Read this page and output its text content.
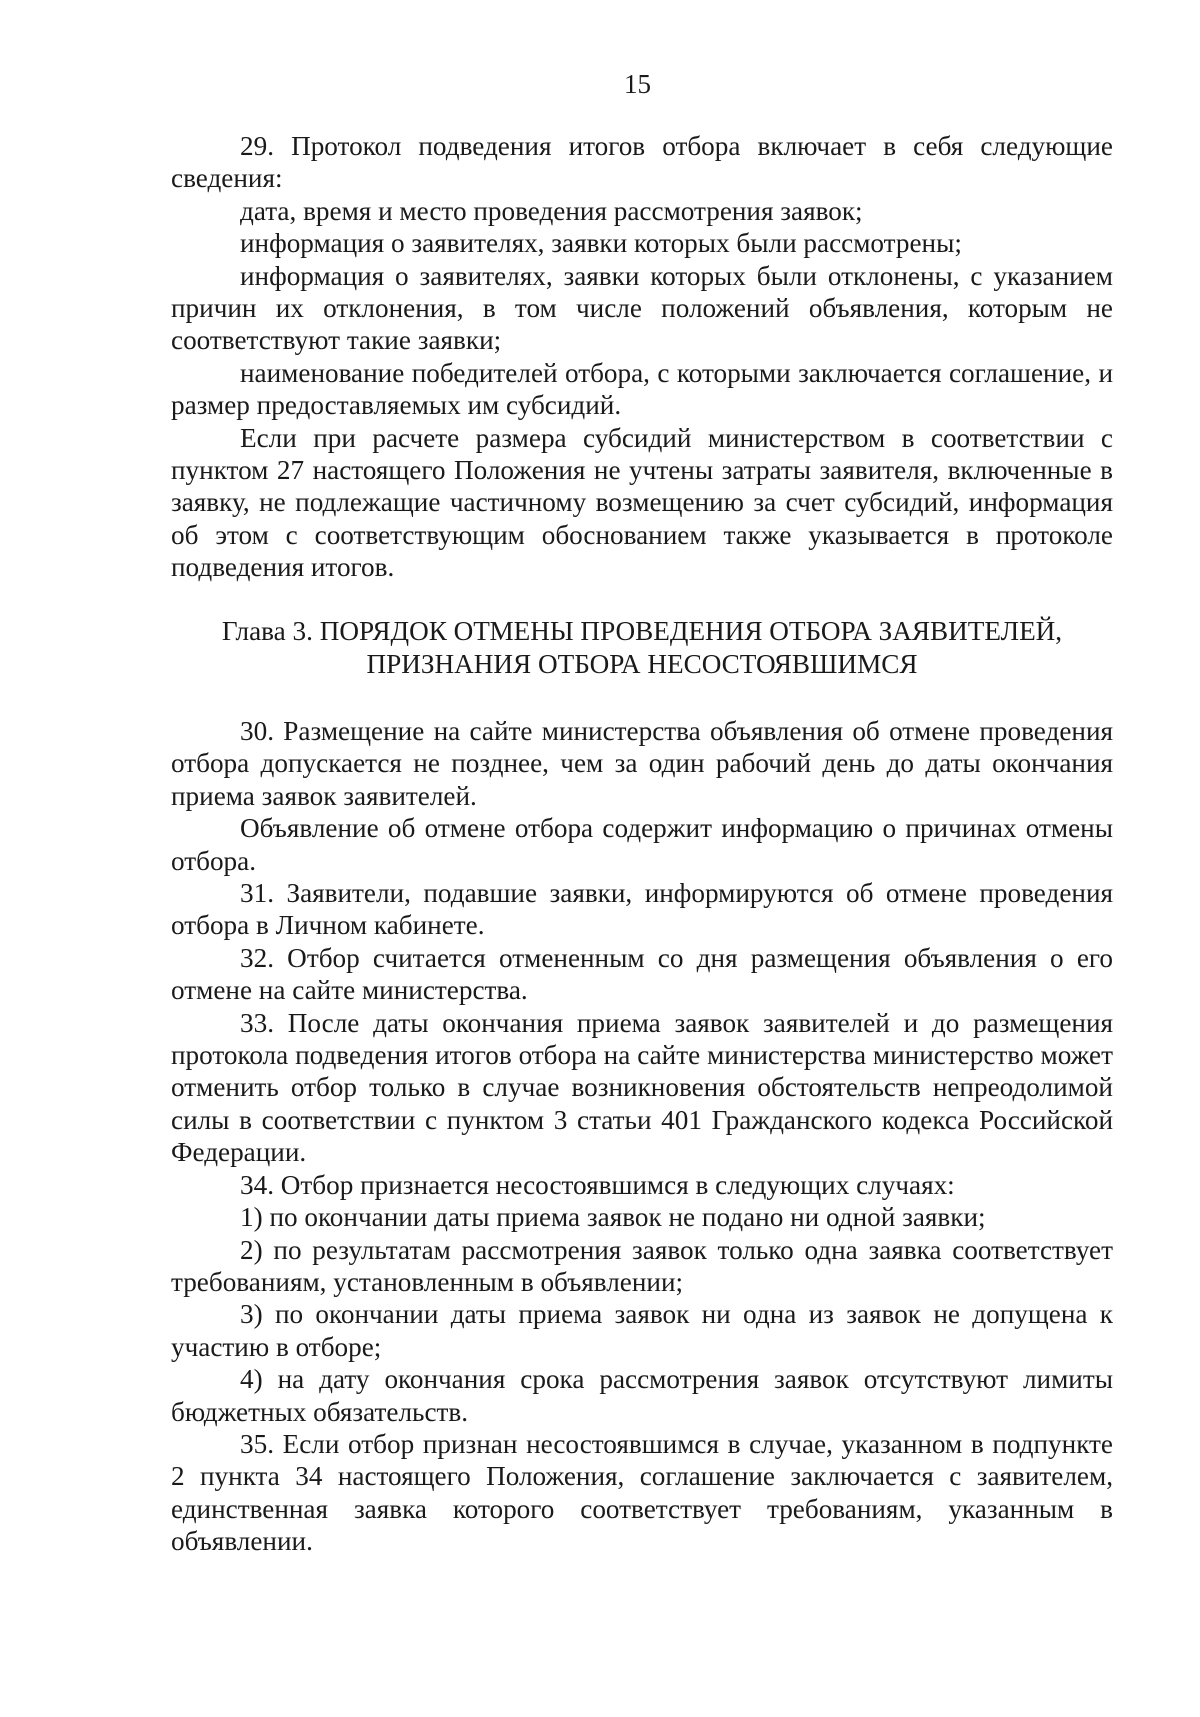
15

29. Протокол подведения итогов отбора включает в себя следующие сведения:

дата, время и место проведения рассмотрения заявок;

информация о заявителях, заявки которых были рассмотрены;

информация о заявителях, заявки которых были отклонены, с указанием причин их отклонения, в том числе положений объявления, которым не соответствуют такие заявки;

наименование победителей отбора, с которыми заключается соглашение, и размер предоставляемых им субсидий.

Если при расчете размера субсидий министерством в соответствии с пунктом 27 настоящего Положения не учтены затраты заявителя, включенные в заявку, не подлежащие частичному возмещению за счет субсидий, информация об этом с соответствующим обоснованием также указывается в протоколе подведения итогов.

Глава 3. ПОРЯДОК ОТМЕНЫ ПРОВЕДЕНИЯ ОТБОРА ЗАЯВИТЕЛЕЙ,
ПРИЗНАНИЯ ОТБОРА НЕСОСТОЯВШИМСЯ

30. Размещение на сайте министерства объявления об отмене проведения отбора допускается не позднее, чем за один рабочий день до даты окончания приема заявок заявителей.

Объявление об отмене отбора содержит информацию о причинах отмены отбора.

31. Заявители, подавшие заявки, информируются об отмене проведения отбора в Личном кабинете.

32. Отбор считается отмененным со дня размещения объявления о его отмене на сайте министерства.

33. После даты окончания приема заявок заявителей и до размещения протокола подведения итогов отбора на сайте министерства министерство может отменить отбор только в случае возникновения обстоятельств непреодолимой силы в соответствии с пунктом 3 статьи 401 Гражданского кодекса Российской Федерации.

34. Отбор признается несостоявшимся в следующих случаях:

1) по окончании даты приема заявок не подано ни одной заявки;

2) по результатам рассмотрения заявок только одна заявка соответствует требованиям, установленным в объявлении;

3) по окончании даты приема заявок ни одна из заявок не допущена к участию в отборе;

4) на дату окончания срока рассмотрения заявок отсутствуют лимиты бюджетных обязательств.

35. Если отбор признан несостоявшимся в случае, указанном в подпункте 2 пункта 34 настоящего Положения, соглашение заключается с заявителем, единственная заявка которого соответствует требованиям, указанным в объявлении.
